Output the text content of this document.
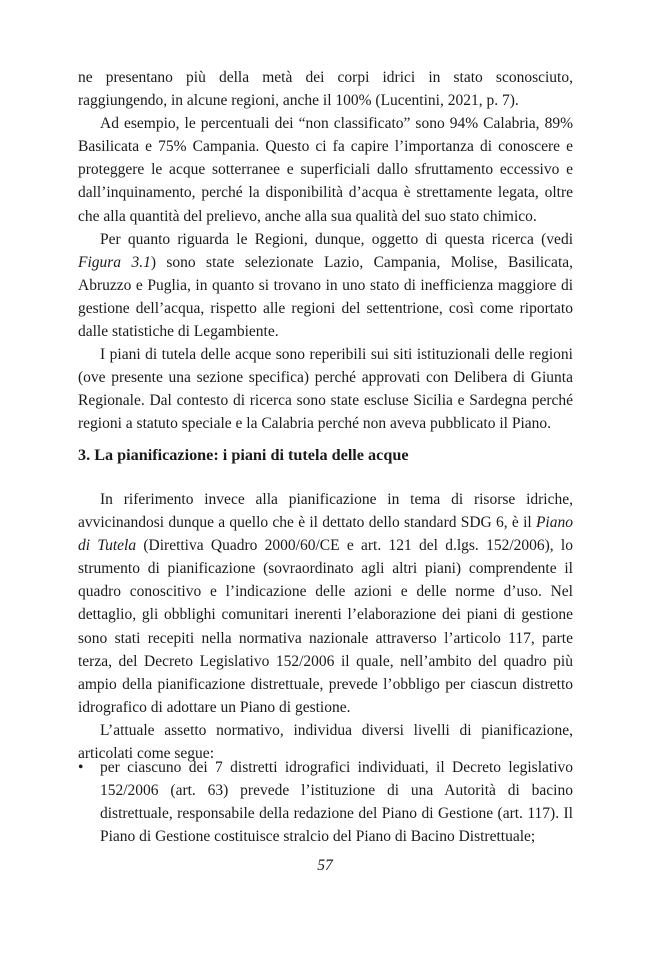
ne presentano più della metà dei corpi idrici in stato sconosciuto, raggiungendo, in alcune regioni, anche il 100% (Lucentini, 2021, p. 7).

Ad esempio, le percentuali dei “non classificato” sono 94% Calabria, 89% Basilicata e 75% Campania. Questo ci fa capire l’importanza di conoscere e proteggere le acque sotterranee e superficiali dallo sfruttamento eccessivo e dall’inquinamento, perché la disponibilità d’acqua è strettamente legata, oltre che alla quantità del prelievo, anche alla sua qualità del suo stato chimico.

Per quanto riguarda le Regioni, dunque, oggetto di questa ricerca (vedi Figura 3.1) sono state selezionate Lazio, Campania, Molise, Basilicata, Abruzzo e Puglia, in quanto si trovano in uno stato di inefficienza maggiore di gestione dell’acqua, rispetto alle regioni del settentrione, così come riportato dalle statistiche di Legambiente.

I piani di tutela delle acque sono reperibili sui siti istituzionali delle regioni (ove presente una sezione specifica) perché approvati con Delibera di Giunta Regionale. Dal contesto di ricerca sono state escluse Sicilia e Sardegna perché regioni a statuto speciale e la Calabria perché non aveva pubblicato il Piano.

3. La pianificazione: i piani di tutela delle acque

In riferimento invece alla pianificazione in tema di risorse idriche, avvicinandosi dunque a quello che è il dettato dello standard SDG 6, è il Piano di Tutela (Direttiva Quadro 2000/60/CE e art. 121 del d.lgs. 152/2006), lo strumento di pianificazione (sovraordinato agli altri piani) comprendente il quadro conoscitivo e l’indicazione delle azioni e delle norme d’uso. Nel dettaglio, gli obblighi comunitari inerenti l’elaborazione dei piani di gestione sono stati recepiti nella normativa nazionale attraverso l’articolo 117, parte terza, del Decreto Legislativo 152/2006 il quale, nell’ambito del quadro più ampio della pianificazione distrettuale, prevede l’obbligo per ciascun distretto idrografico di adottare un Piano di gestione.

L’attuale assetto normativo, individua diversi livelli di pianificazione, articolati come segue:

• per ciascuno dei 7 distretti idrografici individuati, il Decreto legislativo 152/2006 (art. 63) prevede l’istituzione di una Autorità di bacino distrettuale, responsabile della redazione del Piano di Gestione (art. 117). Il Piano di Gestione costituisce stralcio del Piano di Bacino Distrettuale;

57
